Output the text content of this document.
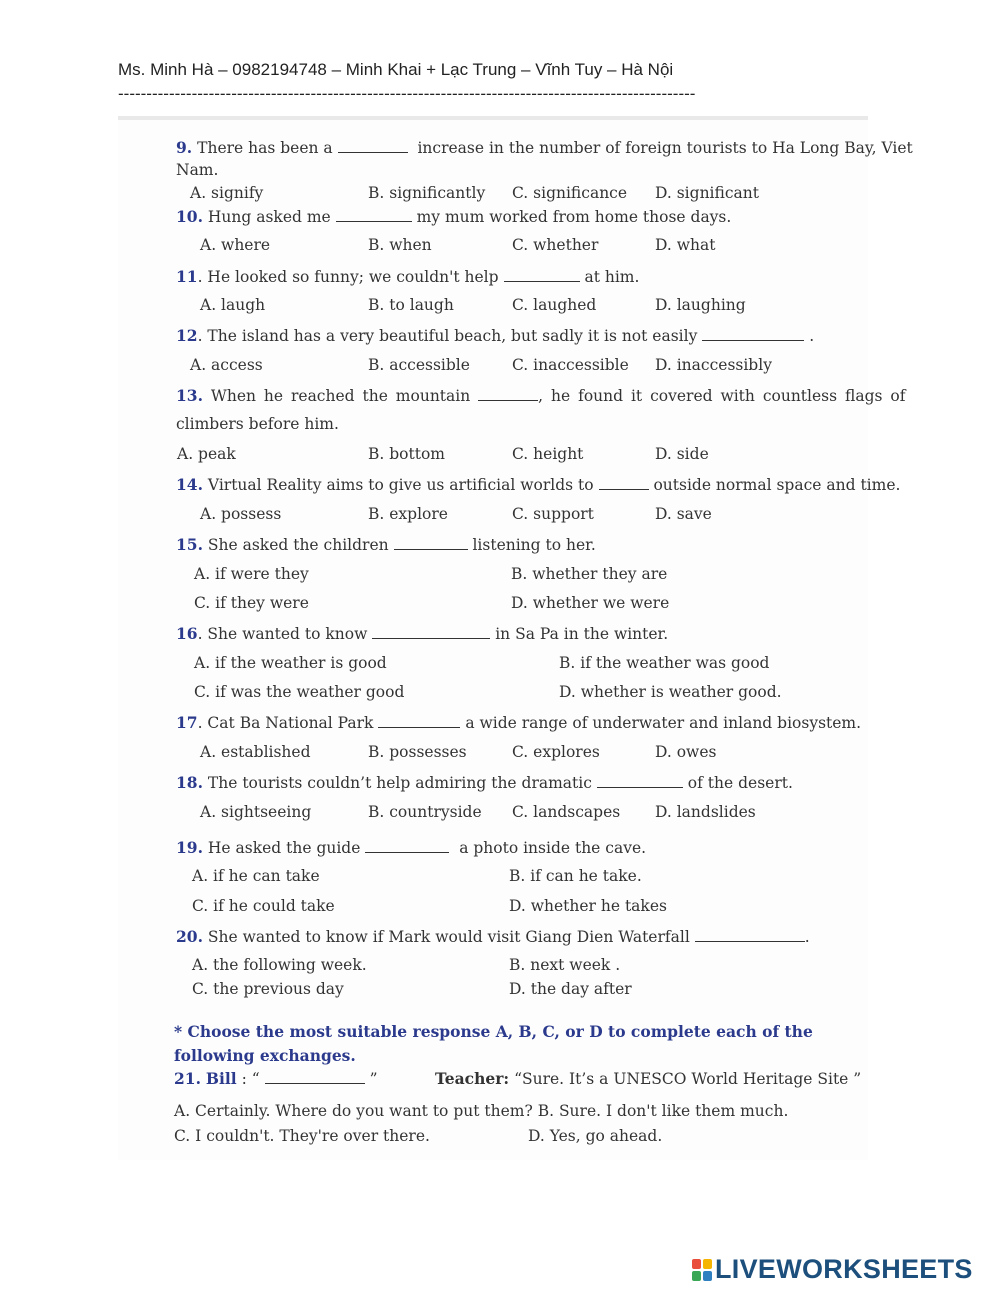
Ms. Minh Hà – 0982194748 – Minh Khai + Lạc Trung – Vĩnh Tuy – Hà Nội
------------------------------------------------------------------------------------------------------
9. There has been a	increase in the number of foreign tourists to Ha Long Bay, Viet
Nam.
A. signify	B. significantly C. significance D. significant
10. Hung asked me	my mum worked from home those days.
A. where	B. when	C. whether	D. what
11. He looked so funny; we couldn't help	at him.
A. laugh	B. to laugh	C. laughed	D. laughing
12. The island has a very beautiful beach, but sadly it is not easily	.
A. access	B. accessible	C. inaccessible D. inaccessibly
13. When he reached the mountain	, he found it covered with countless flags of
climbers before him.
A. peak	B. bottom	C. height	D. side
14. Virtual Reality aims to give us artificial worlds to	outside normal space and time.
A. possess	B. explore	C. support	D. save
15. She asked the children	listening to her.
A. if were they	B. whether they are
C. if they were	D. whether we were
16. She wanted to know	in Sa Pa in the winter.
A. if the weather is good	B. if the weather was good
C. if was the weather good	D. whether is weather good.
17. Cat Ba National Park	a wide range of underwater and inland biosystem.
A. established	B. possesses	C. explores	D. owes
18. The tourists couldn’t help admiring the dramatic	of the desert.
A. sightseeing	B. countryside C. landscapes D. landslides
19. He asked the guide	a photo inside the cave.
A. if he can take	B. if can he take.
C. if he could take	D. whether he takes
20. She wanted to know if Mark would visit Giang Dien Waterfall	.
A. the following week.	B. next week .
C. the previous day	D. the day after
* Choose the most suitable response A, B, C, or D to complete each of the following exchanges.
21. Bill : “	”	Teacher: “Sure. It’s a UNESCO World Heritage Site ”
A. Certainly. Where do you want to put them? B. Sure. I don't like them much.
C. I couldn't. They're over there.	D. Yes, go ahead.
LIVEWORKSHEETS
